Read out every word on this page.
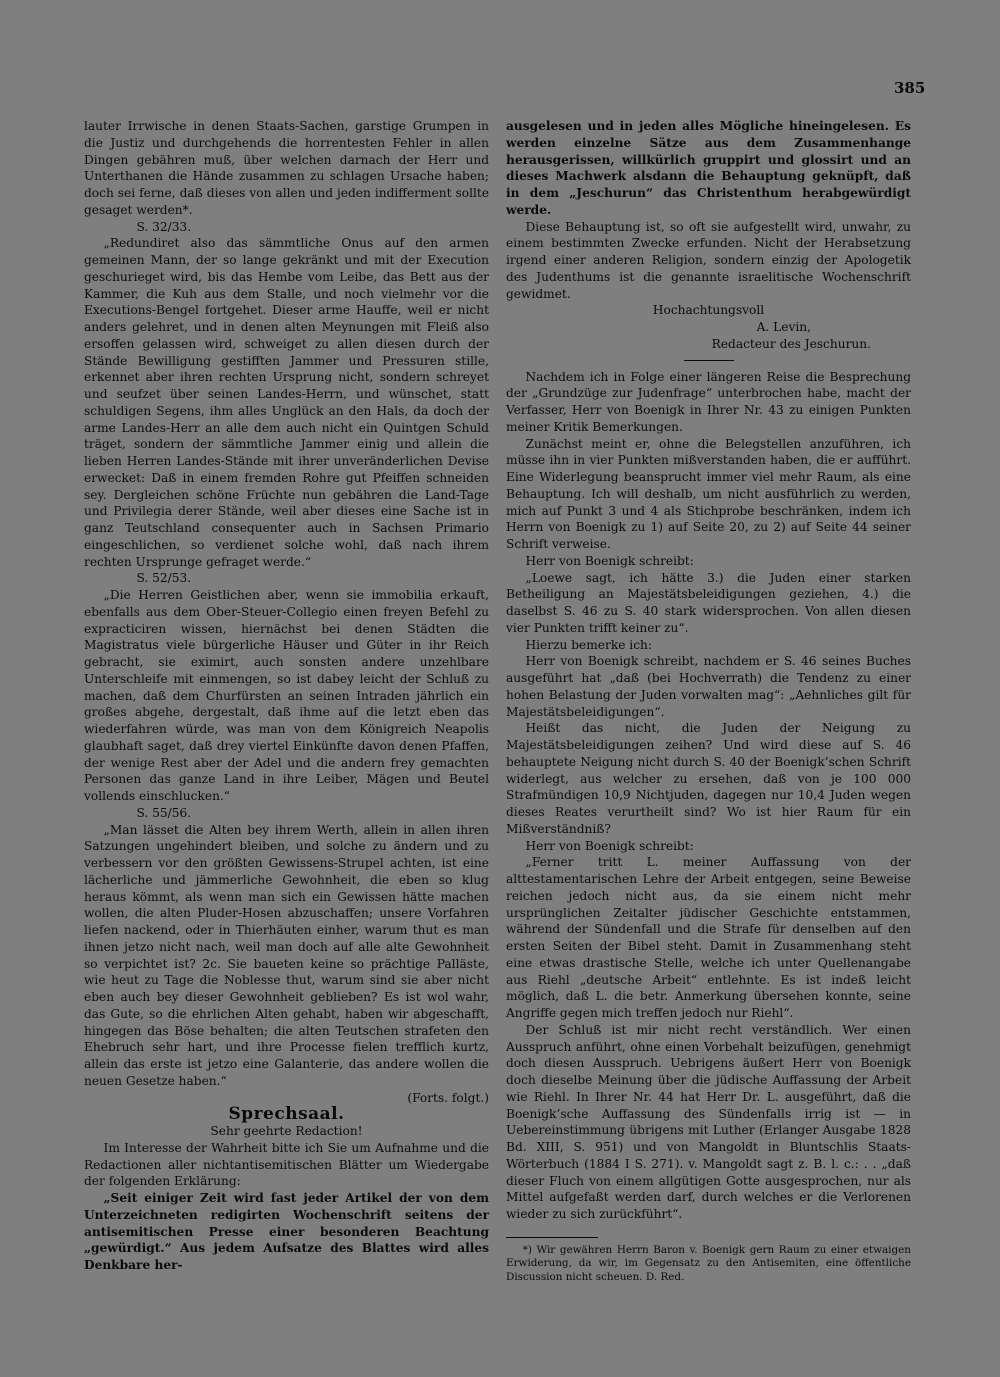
385

lauter Irrwische in denen Staats-Sachen, garstige Grumpen in die Justiz und durchgehends die horrentesten Fehler in allen Dingen gebähren muß, über welchen darnach der Herr und Unterthanen die Hände zusammen zu schlagen Ursache haben; doch sei ferne, daß dieses von allen und jeden indifferment sollte gesaget werden*.

S. 32/33.

„Redundiret also das sämmtliche Onus auf den armen gemeinen Mann, der so lange gekränkt und mit der Execution geschurieget wird, bis das Hembe vom Leibe, das Bett aus der Kammer, die Kuh aus dem Stalle, und noch vielmehr vor die Executions-Bengel fortgehet. Dieser arme Hauffe, weil er nicht anders gelehret, und in denen alten Meynungen mit Fleiß also ersoffen gelassen wird, schweiget zu allen diesen durch der Stände Bewilligung gestifften Jammer und Pressuren stille, erkennet aber ihren rechten Ursprung nicht, sondern schreyet und seufzet über seinen Landes-Herrn, und wünschet, statt schuldigen Segens, ihm alles Unglück an den Hals, da doch der arme Landes-Herr an alle dem auch nicht ein Quintgen Schuld träget, sondern der sämmtliche Jammer einig und allein die lieben Herren Landes-Stände mit ihrer unveränderlichen Devise erwecket: Daß in einem fremden Rohre gut Pfeiffen schneiden sey. Dergleichen schöne Früchte nun gebähren die Land-Tage und Privilegia derer Stände, weil aber dieses eine Sache ist in ganz Teutschland consequenter auch in Sachsen Primario eingeschlichen, so verdienet solche wohl, daß nach ihrem rechten Ursprunge gefraget werde.“

S. 52/53.

„Die Herren Geistlichen aber, wenn sie immobilia erkauft, ebenfalls aus dem Ober-Steuer-Collegio einen freyen Befehl zu expracticiren wissen, hiernächst bei denen Städten die Magistratus viele bürgerliche Häuser und Güter in ihr Reich gebracht, sie eximirt, auch sonsten andere unzehlbare Unterschleife mit einmengen, so ist dabey leicht der Schluß zu machen, daß dem Churfürsten an seinen Intraden jährlich ein großes abgehe, dergestalt, daß ihme auf die letzt eben das wiederfahren würde, was man von dem Königreich Neapolis glaubhaft saget, daß drey viertel Einkünfte davon denen Pfaffen, der wenige Rest aber der Adel und die andern frey gemachten Personen das ganze Land in ihre Leiber, Mägen und Beutel vollends einschlucken.“

S. 55/56.

„Man lässet die Alten bey ihrem Werth, allein in allen ihren Satzungen ungehindert bleiben, und solche zu ändern und zu verbessern vor den größten Gewissens-Strupel achten, ist eine lächerliche und jämmerliche Gewohnheit, die eben so klug heraus kömmt, als wenn man sich ein Gewissen hätte machen wollen, die alten Pluder-Hosen abzuschaffen; unsere Vorfahren liefen nackend, oder in Thierhäuten einher, warum thut es man ihnen jetzo nicht nach, weil man doch auf alle alte Gewohnheit so verpichtet ist? 2c. Sie baueten keine so prächtige Palläste, wie heut zu Tage die Noblesse thut, warum sind sie aber nicht eben auch bey dieser Gewohnheit geblieben? Es ist wol wahr, das Gute, so die ehrlichen Alten gehabt, haben wir abgeschafft, hingegen das Böse behalten; die alten Teutschen strafeten den Ehebruch sehr hart, und ihre Processe fielen trefflich kurtz, allein das erste ist jetzo eine Galanterie, das andere wollen die neuen Gesetze haben.“

(Forts. folgt.)

Sprechsaal.

Sehr geehrte Redaction!

Im Interesse der Wahrheit bitte ich Sie um Aufnahme und die Redactionen aller nichtantisemitischen Blätter um Wiedergabe der folgenden Erklärung:

„Seit einiger Zeit wird fast jeder Artikel der von dem Unterzeichneten redigirten Wochenschrift seitens der antisemitischen Presse einer besonderen Beachtung „gewürdigt.“ Aus jedem Aufsatze des Blattes wird alles Denkbare her-

ausgelesen und in jeden alles Mögliche hineingelesen. Es werden einzelne Sätze aus dem Zusammenhange herausgerissen, willkürlich gruppirt und glossirt und an dieses Machwerk alsdann die Behauptung geknüpft, daß in dem „Jeschurun“ das Christenthum herabgewürdigt werde.

Diese Behauptung ist, so oft sie aufgestellt wird, unwahr, zu einem bestimmten Zwecke erfunden. Nicht der Herabsetzung irgend einer anderen Religion, sondern einzig der Apologetik des Judenthums ist die genannte israelitische Wochenschrift gewidmet.

Hochachtungsvoll

A. Levin,

Redacteur des Jeschurun.

Nachdem ich in Folge einer längeren Reise die Besprechung der „Grundzüge zur Judenfrage“ unterbrochen habe, macht der Verfasser, Herr von Boenigk in Ihrer Nr. 43 zu einigen Punkten meiner Kritik Bemerkungen.

Zunächst meint er, ohne die Belegstellen anzuführen, ich müsse ihn in vier Punkten mißverstanden haben, die er aufführt. Eine Widerlegung beansprucht immer viel mehr Raum, als eine Behauptung. Ich will deshalb, um nicht ausführlich zu werden, mich auf Punkt 3 und 4 als Stichprobe beschränken, indem ich Herrn von Boenigk zu 1) auf Seite 20, zu 2) auf Seite 44 seiner Schrift verweise.

Herr von Boenigk schreibt:

„Loewe sagt, ich hätte 3.) die Juden einer starken Betheiligung an Majestätsbeleidigungen geziehen, 4.) die daselbst S. 46 zu S. 40 stark widersprochen. Von allen diesen vier Punkten trifft keiner zu“.

Hierzu bemerke ich:

Herr von Boenigk schreibt, nachdem er S. 46 seines Buches ausgeführt hat „daß (bei Hochverrath) die Tendenz zu einer hohen Belastung der Juden vorwalten mag“: „Aehnliches gilt für Majestätsbeleidigungen“.

Heißt das nicht, die Juden der Neigung zu Majestätsbeleidigungen zeihen? Und wird diese auf S. 46 behauptete Neigung nicht durch S. 40 der Boenigk’schen Schrift widerlegt, aus welcher zu ersehen, daß von je 100 000 Strafmündigen 10,9 Nichtjuden, dagegen nur 10,4 Juden wegen dieses Reates verurtheilt sind? Wo ist hier Raum für ein Mißverständniß?

Herr von Boenigk schreibt:

„Ferner tritt L. meiner Auffassung von der alttestamentarischen Lehre der Arbeit entgegen, seine Beweise reichen jedoch nicht aus, da sie einem nicht mehr ursprünglichen Zeitalter jüdischer Geschichte entstammen, während der Sündenfall und die Strafe für denselben auf den ersten Seiten der Bibel steht. Damit in Zusammenhang steht eine etwas drastische Stelle, welche ich unter Quellenangabe aus Riehl „deutsche Arbeit“ entlehnte. Es ist indeß leicht möglich, daß L. die betr. Anmerkung übersehen konnte, seine Angriffe gegen mich treffen jedoch nur Riehl“.

Der Schluß ist mir nicht recht verständlich. Wer einen Ausspruch anführt, ohne einen Vorbehalt beizufügen, genehmigt doch diesen Ausspruch. Uebrigens äußert Herr von Boenigk doch dieselbe Meinung über die jüdische Auffassung der Arbeit wie Riehl. In Ihrer Nr. 44 hat Herr Dr. L. ausgeführt, daß die Boenigk’sche Auffassung des Sündenfalls irrig ist — in Uebereinstimmung übrigens mit Luther (Erlanger Ausgabe 1828 Bd. XIII, S. 951) und von Mangoldt in Bluntschlis Staats-Wörterbuch (1884 I S. 271). v. Mangoldt sagt z. B. l. c.: . . „daß dieser Fluch von einem allgütigen Gotte ausgesprochen, nur als Mittel aufgefaßt werden darf, durch welches er die Verlorenen wieder zu sich zurückführt“.

*) Wir gewähren Herrn Baron v. Boenigk gern Raum zu einer etwaigen Erwiderung, da wir, im Gegensatz zu den Antisemiten, eine öffentliche Discussion nicht scheuen. D. Red.
